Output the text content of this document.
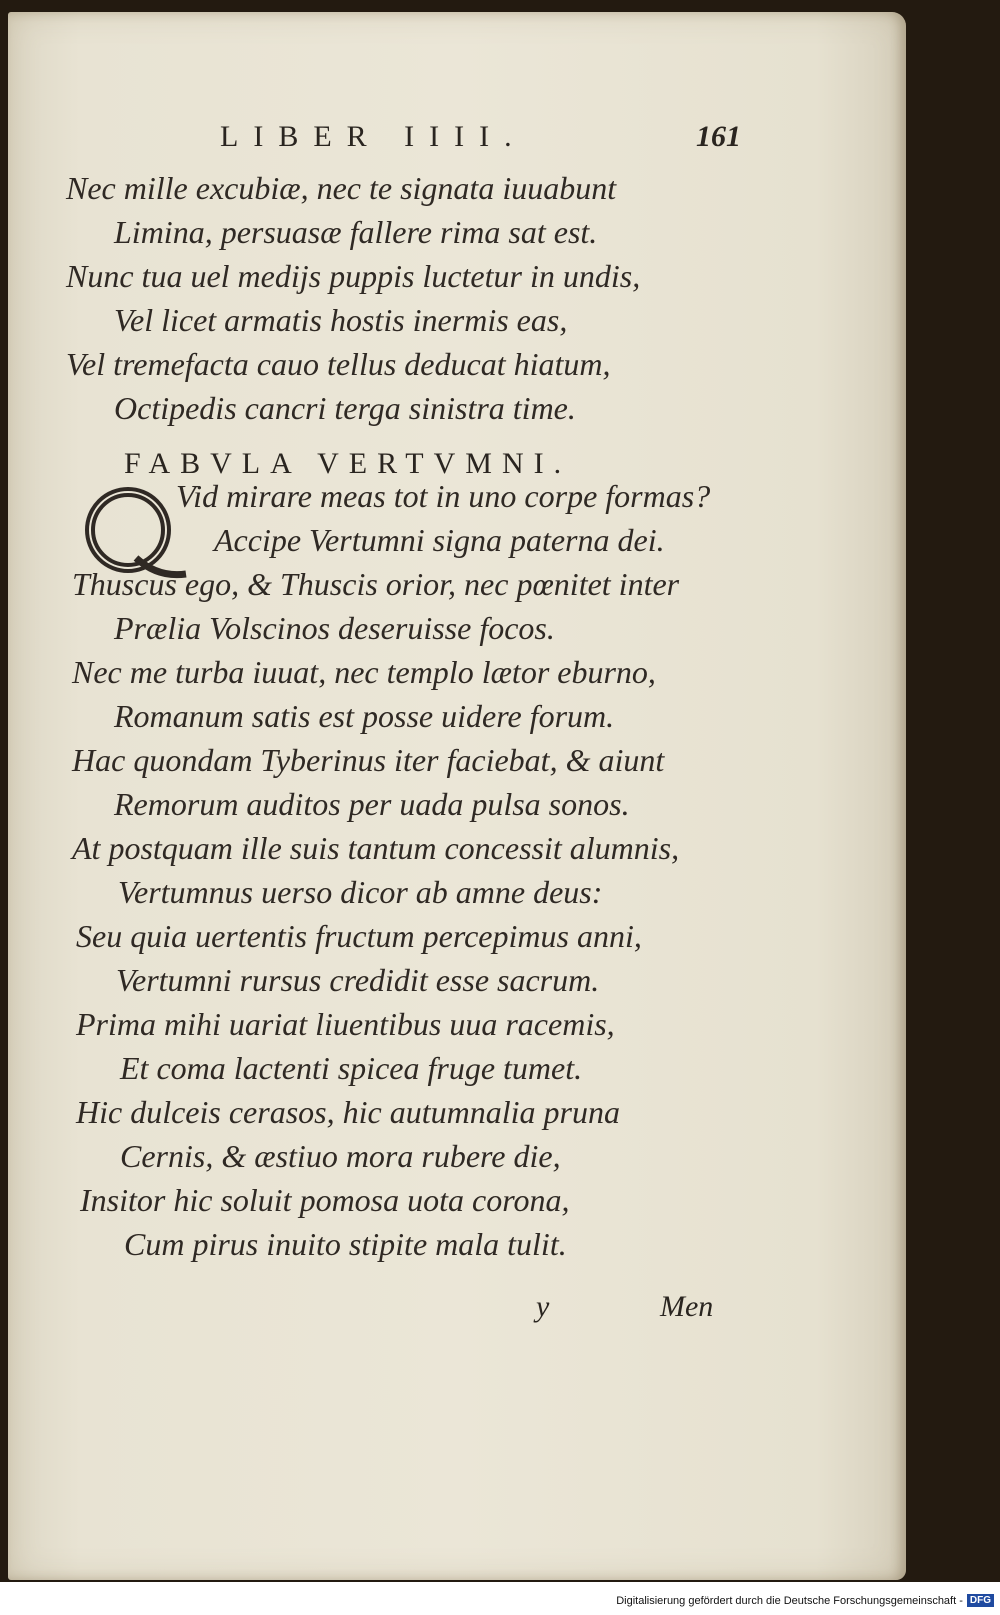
LIBER IIII.	161
Nec mille excubiæ, nec te signata iuuabunt
Limina, persuasæ fallere rima sat est.
Nunc tua uel medijs puppis luctetur in undis,
Vel licet armatis hostis inermis eas,
Vel tremefacta cauo tellus deducat hiatum,
Octipedis cancri terga sinistra time.
FABVLA VERTVMNI.
Vid mirare meas tot in uno corpe formas?
Accipe Vertumni signa paterna dei.
Thuscus ego, & Thuscis orior, nec pœnitet inter
Prælia Volscinos deseruisse focos.
Nec me turba iuuat, nec templo lætor eburno,
Romanum satis est posse uidere forum.
Hac quondam Tyberinus iter faciebat, & aiunt
Remorum auditos per uada pulsa sonos.
At postquam ille suis tantum concessit alumnis,
Vertumnus uerso dicor ab amne deus:
Seu quia uertentis fructum percepimus anni,
Vertumni rursus credidit esse sacrum.
Prima mihi uariat liuentibus uua racemis,
Et coma lactenti spicea fruge tumet.
Hic dulceis cerasos, hic autumnalia pruna
Cernis, & æstiuo mora rubere die,
Insitor hic soluit pomosa uota corona,
Cum pirus inuito stipite mala tulit.
y	Men
Digitalisierung gefördert durch die Deutsche Forschungsgemeinschaft - DFG
